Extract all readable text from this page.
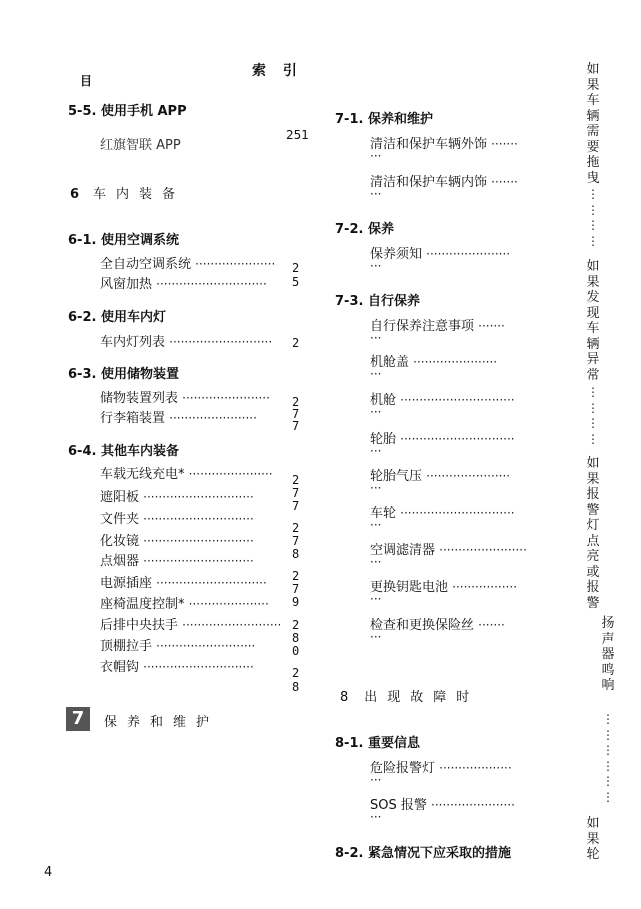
目
索 引
5-5. 使用手机 APP
红旗智联 APP
251
6 车内装备
6-1. 使用空调系统
全自动空调系统 ·····················
风窗加热 ·····························
2
5
6-2. 使用车内灯
车内灯列表 ··························· 2
6-3. 使用储物装置
储物装置列表 ·······················
行李箱装置 ·······················
2
7
7
6-4. 其他车内装备
车载无线充电* ······················
遮阳板 ·····························
文件夹 ·····························
化妆镜 ·····························
点烟器 ·····························
电源插座 ·····························
座椅温度控制* ·····················
后排中央扶手 ··························
顶棚拉手 ··························
衣帽钩 ·····························
2
7
7
2
7
8
2
7
9
2
8
0
2
8
7	保养和维护
7-1. 保养和维护
清洁和保护车辆外饰 ·······
···
清洁和保护车辆内饰 ·······
···
7-2. 保养
保养须知 ······················
···
7-3. 自行保养
自行保养注意事项 ·······
···
机舱盖 ······················
···
机舱 ······························
···
轮胎 ······························
···
轮胎气压 ······················
···
车轮 ······························
···
空调滤清器 ·······················
···
更换钥匙电池 ·················
···
检查和更换保险丝 ·······
···
8 出现故障时
8-1. 重要信息
危险报警灯 ···················
···
SOS 报警 ······················
···
8-2. 紧急情况下应采取的措施
如果车辆需要拖曳
⋮ ⋮ ⋮ ⋮
如果发现车辆异常
⋮ ⋮ ⋮ ⋮
如果报警灯点亮或报警
扬声器鸣响
⋮ ⋮ ⋮ ⋮ ⋮ ⋮
如果轮
4
